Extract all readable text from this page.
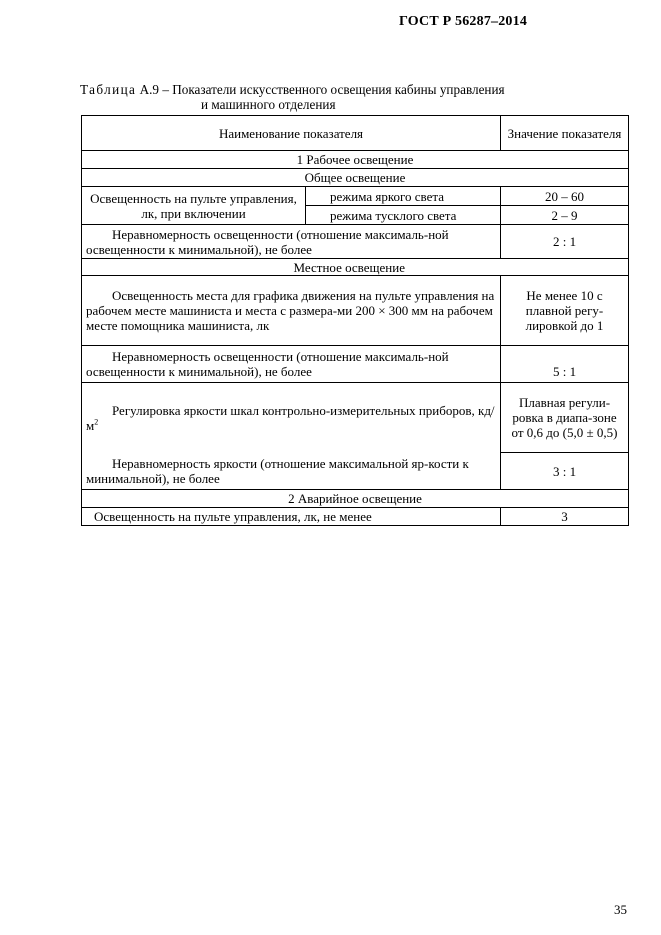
ГОСТ Р 56287–2014
Таблица А.9 – Показатели искусственного освещения кабины управления
и машинного отделения
Наименование показателя		Значение показателя
1 Рабочее освещение		
Общее освещение		
Освещенность на пульте управления, лк, при включении	режима яркого света	20 – 60
	режима тусклого света	2 – 9
Неравномерность освещенности (отношение максималь-ной освещенности к минимальной), не более		2 : 1
Местное освещение		
Освещенность места для графика движения на пульте управления на рабочем месте машиниста и места с размера-ми 200 × 300 мм на рабочем месте помощника машиниста, лк		Не менее 10 с плавной регу-лировкой до 1
Неравномерность освещенности (отношение максималь-ной освещенности к минимальной), не более		5 : 1
Регулировка яркости шкал контрольно-измерительных приборов, $кд/м^2$		Плавная регули-ровка в диапа-зоне от 0,6 до (5,0 ± 0,5)
Неравномерность яркости (отношение максимальной яр-кости к минимальной), не более		3 : 1
2 Аварийное освещение		
Освещенность на пульте управления, лк, не менее		3
35
